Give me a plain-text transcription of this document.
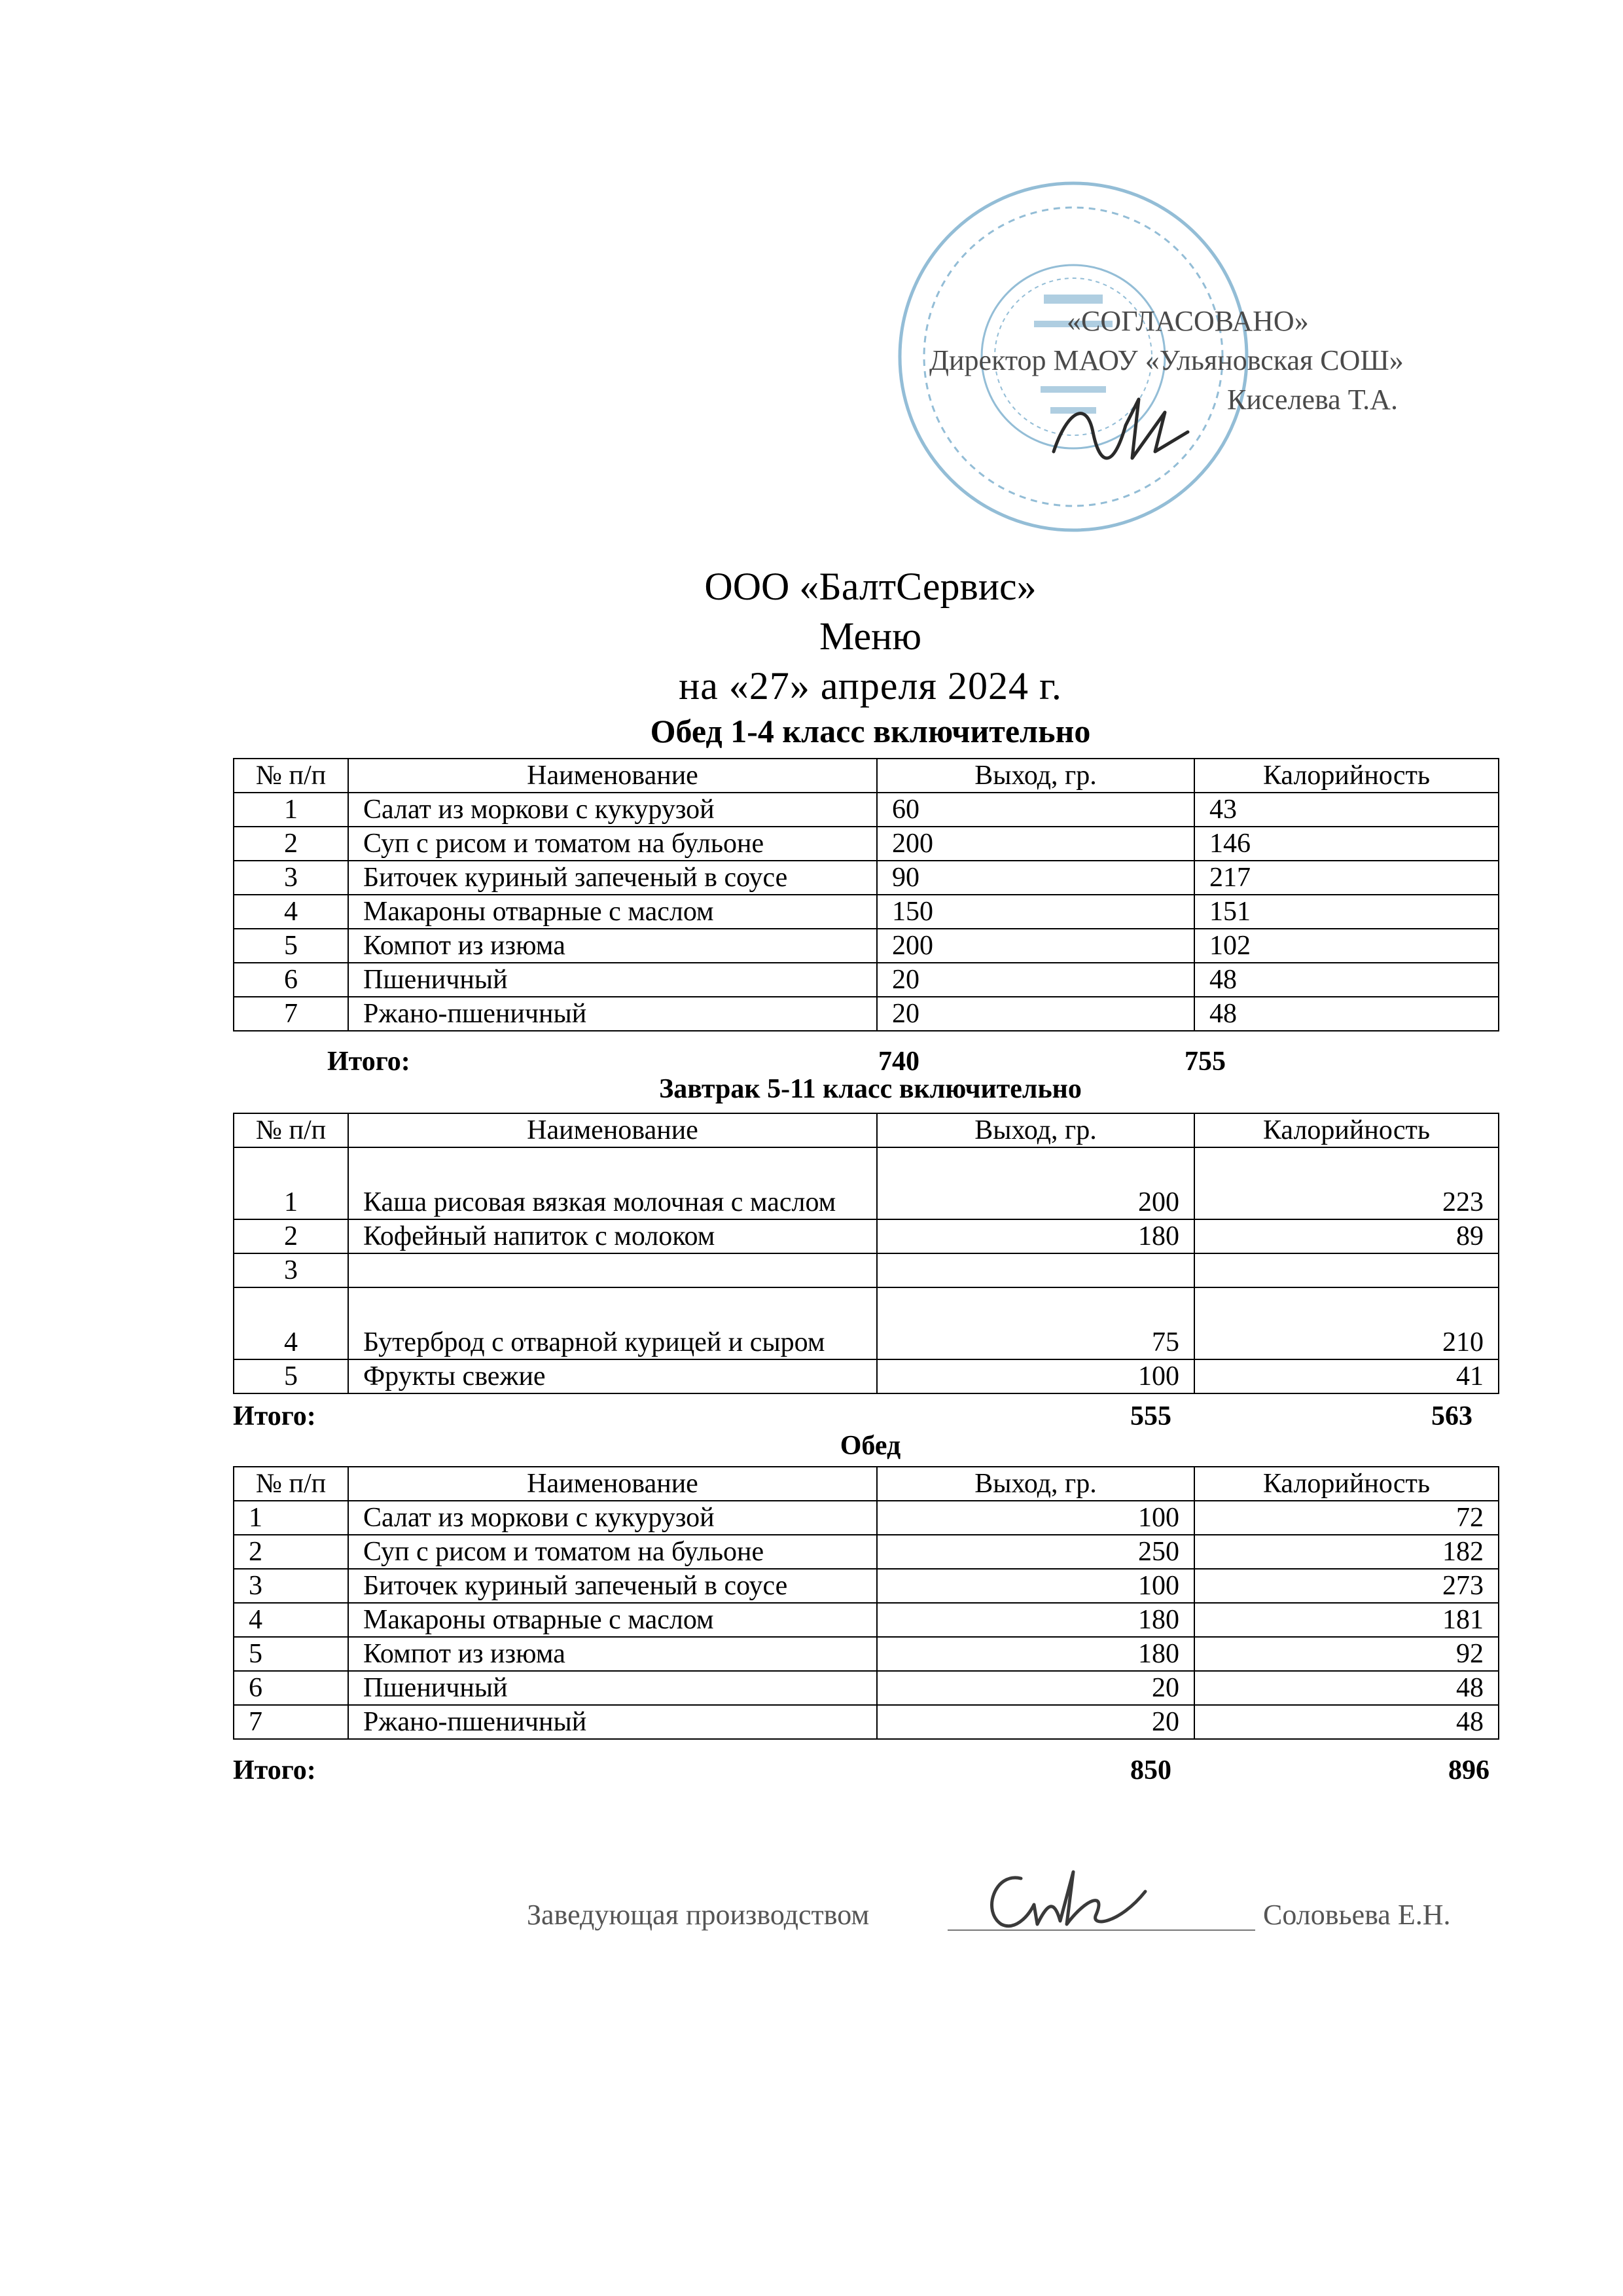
«СОГЛАСОВАНО»
Директор МАОУ «Ульяновская СОШ»
Киселева Т.А.
ООО «БалтСервис»
Меню
на «27» апреля 2024 г.
Обед 1-4 класс включительно
№ п/п	Наименование	Выход, гр.	Калорийность
1	Салат из моркови с кукурузой	60	43
2	Суп с рисом и томатом на бульоне	200	146
3	Биточек куриный запеченый в соусе	90	217
4	Макароны отварные с маслом	150	151
5	Компот из изюма	200	102
6	Пшеничный	20	48
7	Ржано-пшеничный	20	48
Итого:	740	755
Завтрак 5-11 класс включительно
№ п/п	Наименование	Выход, гр.	Калорийность
1	Каша рисовая вязкая молочная с маслом	200	223
2	Кофейный напиток с молоком	180	89
3			
4	Бутерброд с отварной курицей и сыром	75	210
5	Фрукты свежие	100	41
Итого:	555	563
Обед
№ п/п	Наименование	Выход, гр.	Калорийность
1	Салат из моркови с кукурузой	100	72
2	Суп с рисом и томатом на бульоне	250	182
3	Биточек куриный запеченый в соусе	100	273
4	Макароны отварные с маслом	180	181
5	Компот из изюма	180	92
6	Пшеничный	20	48
7	Ржано-пшеничный	20	48
Итого:	850	896
Заведующая производством	Соловьева Е.Н.
